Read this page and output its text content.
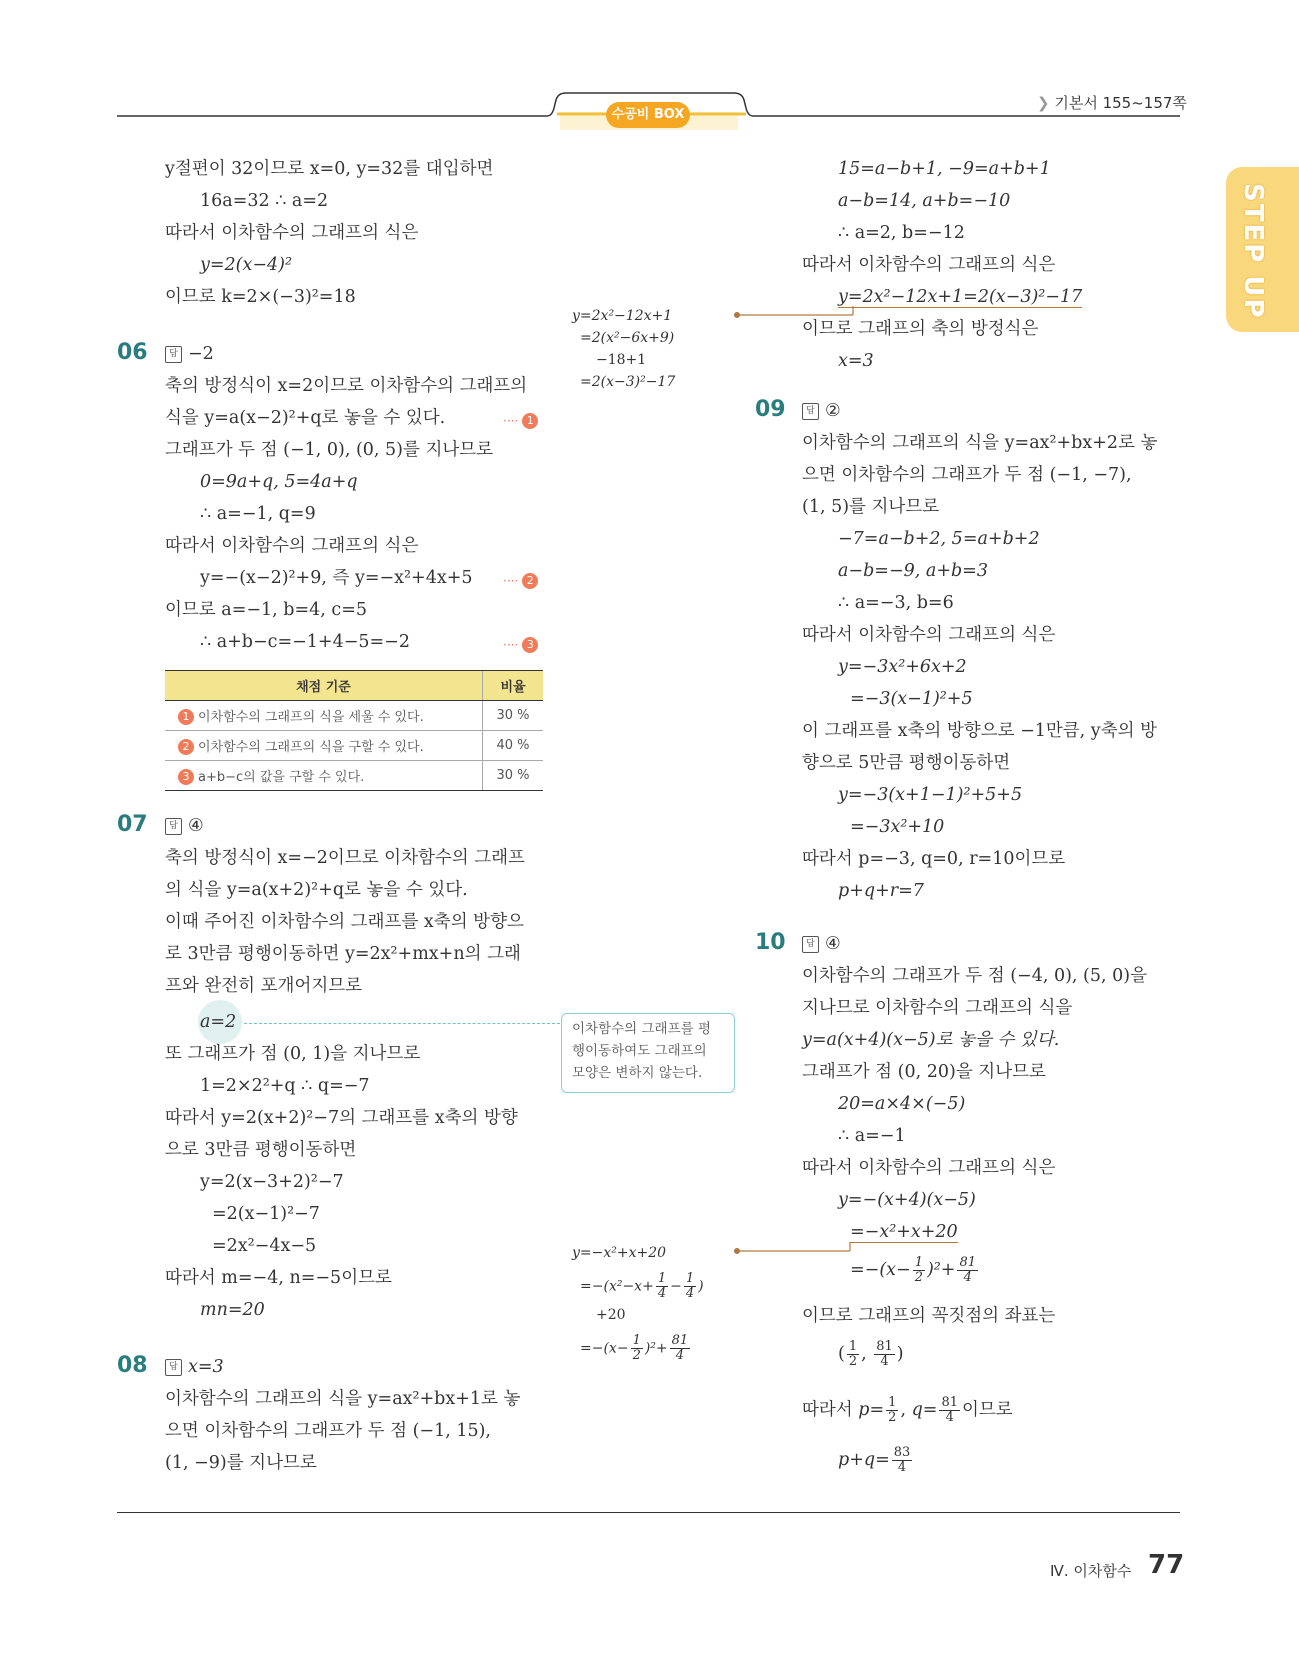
수공비 BOX
❯ 기본서 155~157쪽
STEP UP
y절편이 32이므로 x=0, y=32를 대입하면
16a=32 ∴ a=2
따라서 이차함수의 그래프의 식은
y=2(x−4)²
이므로 k=2×(−3)²=18
06	답 −2
축의 방정식이 x=2이므로 이차함수의 그래프의
식을 y=a(x−2)²+q로 놓을 수 있다.	···· 1
그래프가 두 점 (−1, 0), (0, 5)를 지나므로
0=9a+q, 5=4a+q
∴ a=−1, q=9
따라서 이차함수의 그래프의 식은
y=−(x−2)²+9, 즉 y=−x²+4x+5	···· 2
이므로 a=−1, b=4, c=5
∴ a+b−c=−1+4−5=−2	···· 3
채점 기준	비율
1 이차함수의 그래프의 식을 세울 수 있다.	30 %
2 이차함수의 그래프의 식을 구할 수 있다.	40 %
3 a+b−c의 값을 구할 수 있다.	30 %
07	답 ④
축의 방정식이 x=−2이므로 이차함수의 그래프
의 식을 y=a(x+2)²+q로 놓을 수 있다.
이때 주어진 이차함수의 그래프를 x축의 방향으
로 3만큼 평행이동하면 y=2x²+mx+n의 그래
프와 완전히 포개어지므로
a=2
또 그래프가 점 (0, 1)을 지나므로
1=2×2²+q ∴ q=−7
따라서 y=2(x+2)²−7의 그래프를 x축의 방향
으로 3만큼 평행이동하면
y=2(x−3+2)²−7
=2(x−1)²−7
=2x²−4x−5
따라서 m=−4, n=−5이므로
mn=20
08	답 x=3
이차함수의 그래프의 식을 y=ax²+bx+1로 놓
으면 이차함수의 그래프가 두 점 (−1, 15),
(1, −9)를 지나므로
y=2x²−12x+1
=2(x²−6x+9)
−18+1
=2(x−3)²−17
이차함수의 그래프를 평
행이동하여도 그래프의
모양은 변하지 않는다.
y=−x²+x+20
$=-(x^2-x+ \frac{1}{4} - \frac{1}{4}$ )
+20
$=-(x- \frac{1}{2} )^2+ \frac{81}{4}$
15=a−b+1, −9=a+b+1
a−b=14, a+b=−10
∴ a=2, b=−12
따라서 이차함수의 그래프의 식은
y=2x²−12x+1=2(x−3)²−17
이므로 그래프의 축의 방정식은
x=3
09	답 ②
이차함수의 그래프의 식을 y=ax²+bx+2로 놓
으면 이차함수의 그래프가 두 점 (−1, −7),
(1, 5)를 지나므로
−7=a−b+2, 5=a+b+2
a−b=−9, a+b=3
∴ a=−3, b=6
따라서 이차함수의 그래프의 식은
y=−3x²+6x+2
=−3(x−1)²+5
이 그래프를 x축의 방향으로 −1만큼, y축의 방
향으로 5만큼 평행이동하면
y=−3(x+1−1)²+5+5
=−3x²+10
따라서 p=−3, q=0, r=10이므로
p+q+r=7
10	답 ④
이차함수의 그래프가 두 점 (−4, 0), (5, 0)을
지나므로 이차함수의 그래프의 식을
y=a(x+4)(x−5)로 놓을 수 있다.
그래프가 점 (0, 20)을 지나므로
20=a×4×(−5)
∴ a=−1
따라서 이차함수의 그래프의 식은
y=−(x+4)(x−5)
=−x²+x+20
$=-(x- \frac{1}{2} )^2+ \frac{81}{4}$
이므로 그래프의 꼭짓점의 좌표는
( $\frac{1}{2}$ , $\frac{81}{4}$ )
따라서 $p= \frac{1}{2}$ , $q= \frac{81}{4}$ 이므로
$p+q= \frac{83}{4}$
Ⅳ. 이차함수 77
